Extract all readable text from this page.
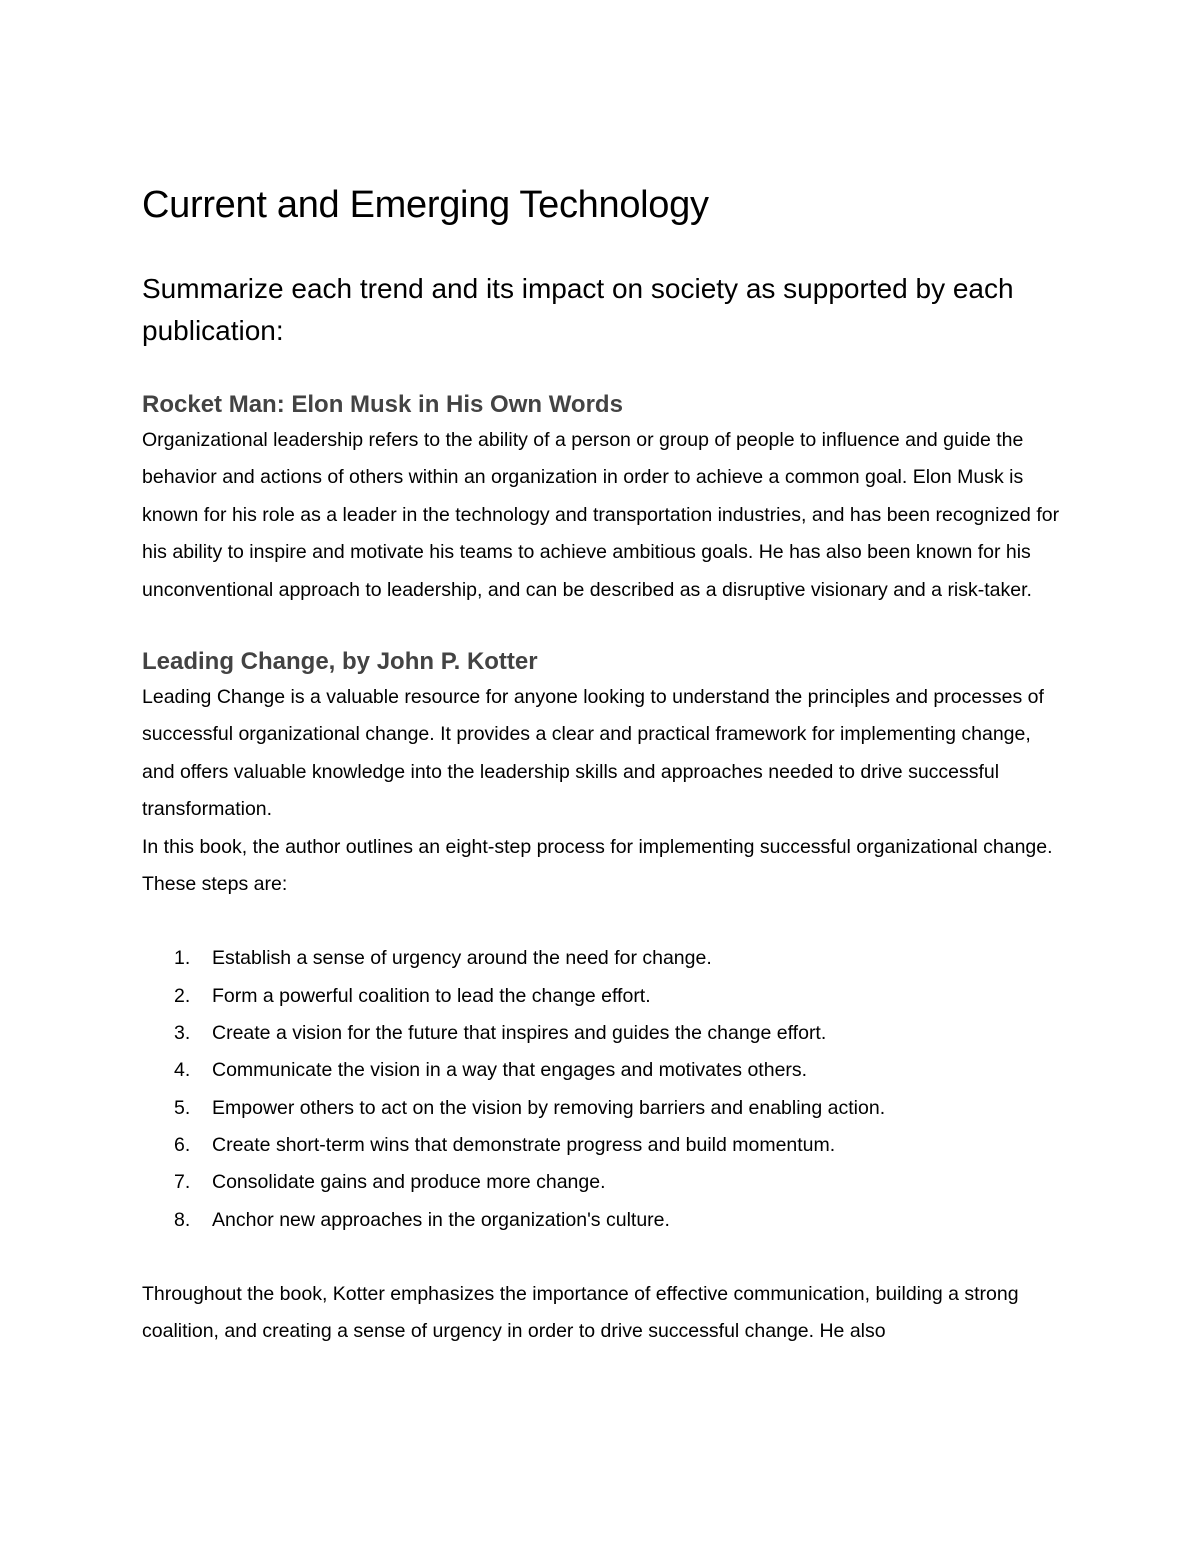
Current and Emerging Technology
Summarize each trend and its impact on society as supported by each publication:
Rocket Man: Elon Musk in His Own Words

Organizational leadership refers to the ability of a person or group of people to influence and guide the behavior and actions of others within an organization in order to achieve a common goal. Elon Musk is known for his role as a leader in the technology and transportation industries, and has been recognized for his ability to inspire and motivate his teams to achieve ambitious goals. He has also been known for his unconventional approach to leadership, and can be described as a disruptive visionary and a risk-taker.

Leading Change, by John P. Kotter

Leading Change is a valuable resource for anyone looking to understand the principles and processes of successful organizational change. It provides a clear and practical framework for implementing change, and offers valuable knowledge into the leadership skills and approaches needed to drive successful transformation.

In this book, the author outlines an eight-step process for implementing successful organizational change. These steps are:

1. Establish a sense of urgency around the need for change.
2. Form a powerful coalition to lead the change effort.
3. Create a vision for the future that inspires and guides the change effort.
4. Communicate the vision in a way that engages and motivates others.
5. Empower others to act on the vision by removing barriers and enabling action.
6. Create short-term wins that demonstrate progress and build momentum.
7. Consolidate gains and produce more change.
8. Anchor new approaches in the organization's culture.

Throughout the book, Kotter emphasizes the importance of effective communication, building a strong coalition, and creating a sense of urgency in order to drive successful change. He also
